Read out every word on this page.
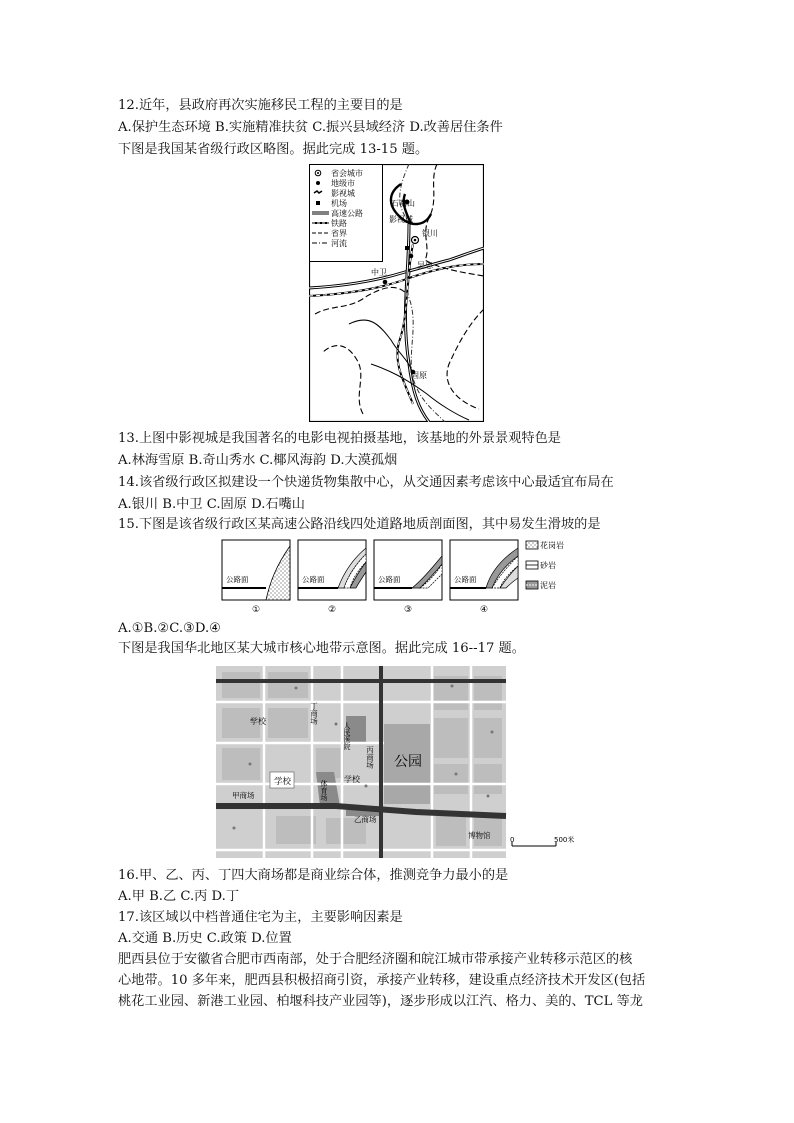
12.近年，县政府再次实施移民工程的主要目的是
A.保护生态环境 B.实施精准扶贫 C.振兴县域经济 D.改善居住条件
下图是我国某省级行政区略图。据此完成 13-15 题。
石嘴山
影视城
银川
中卫
吴忠
固原
省会城市
地级市
影视城
机场
高速公路
铁路
省界
河流
13.上图中影视城是我国著名的电影电视拍摄基地，该基地的外景景观特色是
A.林海雪原 B.奇山秀水 C.椰风海韵 D.大漠孤烟
14.该省级行政区拟建设一个快递货物集散中心，从交通因素考虑该中心最适宜布局在
A.银川 B.中卫 C.固原 D.石嘴山
15.下图是该省级行政区某高速公路沿线四处道路地质剖面图，其中易发生滑坡的是
公路面
①
公路面
②
公路面
③
公路面
④
花岗岩
砂岩
泥岩
A.①B.②C.③D.④
下图是我国华北地区某大城市核心地带示意图。据此完成 16--17 题。
学校
学校
学校
丁商场
丙商场
甲商场
乙商场
体育场
人民医院
公园
博物馆	0	500米
16.甲、乙、丙、丁四大商场都是商业综合体，推测竞争力最小的是
A.甲 B.乙 C.丙 D.丁
17.该区域以中档普通住宅为主，主要影响因素是
A.交通 B.历史 C.政策 D.位置
肥西县位于安徽省合肥市西南部，处于合肥经济圈和皖江城市带承接产业转移示范区的核
心地带。10 多年来，肥西县积极招商引资，承接产业转移，建设重点经济技术开发区(包括
桃花工业园、新港工业园、柏堰科技产业园等)，逐步形成以江汽、格力、美的、TCL 等龙
